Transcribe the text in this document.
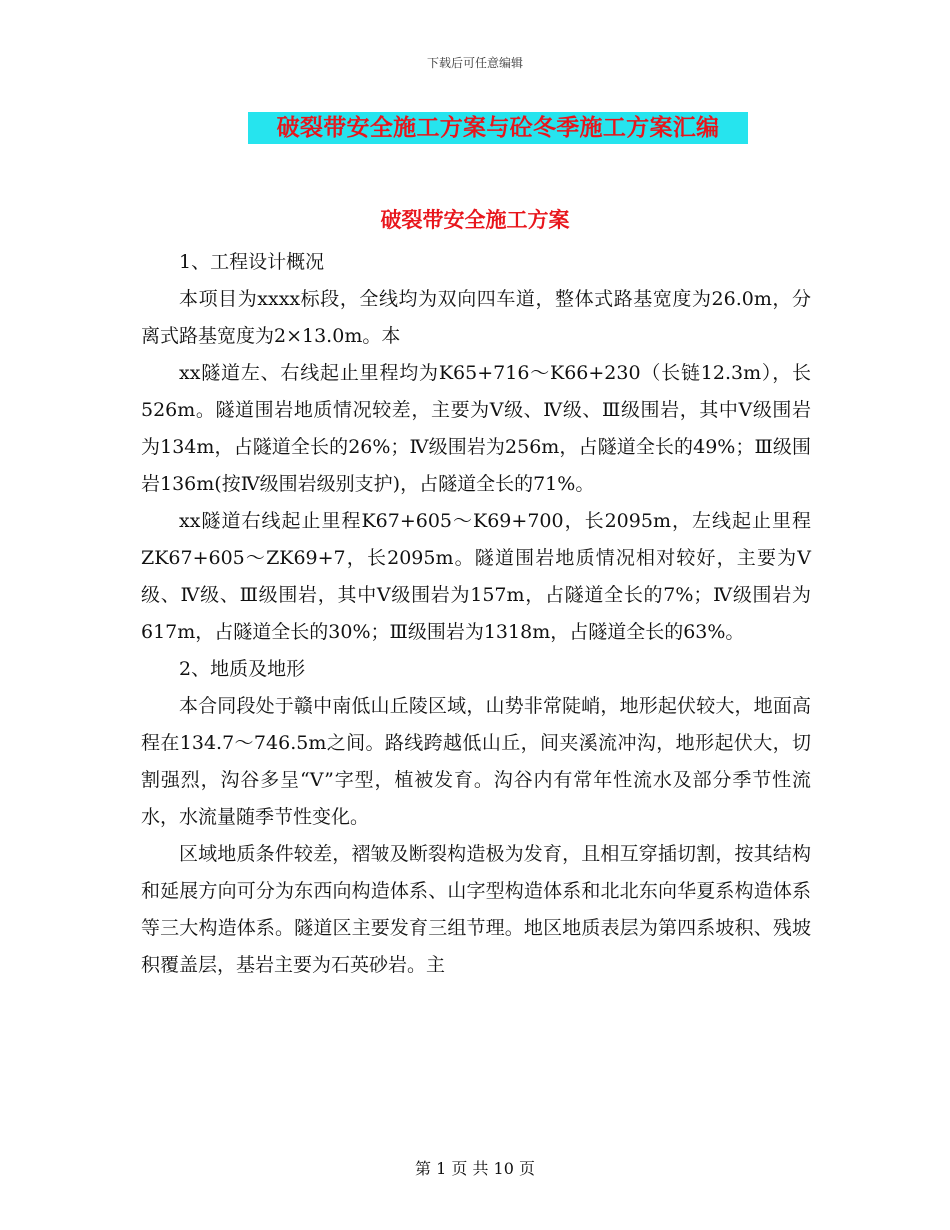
下载后可任意编辑
破裂带安全施工方案与砼冬季施工方案汇编
破裂带安全施工方案

1、工程设计概况

本项目为xxxx标段，全线均为双向四车道，整体式路基宽度为26.0m，分离式路基宽度为2×13.0m。本

xx隧道左、右线起止里程均为K65+716～K66+230（长链12.3m），长526m。隧道围岩地质情况较差，主要为Ⅴ级、Ⅳ级、Ⅲ级围岩，其中Ⅴ级围岩为134m，占隧道全长的26%；Ⅳ级围岩为256m，占隧道全长的49%；Ⅲ级围岩136m(按Ⅳ级围岩级别支护)，占隧道全长的71%。

xx隧道右线起止里程K67+605～K69+700，长2095m，左线起止里程ZK67+605～ZK69+7，长2095m。隧道围岩地质情况相对较好，主要为Ⅴ级、Ⅳ级、Ⅲ级围岩，其中Ⅴ级围岩为157m，占隧道全长的7%；Ⅳ级围岩为617m，占隧道全长的30%；Ⅲ级围岩为1318m，占隧道全长的63%。

2、地质及地形

本合同段处于赣中南低山丘陵区域，山势非常陡峭，地形起伏较大，地面高程在134.7～746.5m之间。路线跨越低山丘，间夹溪流冲沟，地形起伏大，切割强烈，沟谷多呈“V”字型，植被发育。沟谷内有常年性流水及部分季节性流水，水流量随季节性变化。

区域地质条件较差，褶皱及断裂构造极为发育，且相互穿插切割，按其结构和延展方向可分为东西向构造体系、山字型构造体系和北北东向华夏系构造体系等三大构造体系。隧道区主要发育三组节理。地区地质表层为第四系坡积、残坡积覆盖层，基岩主要为石英砂岩。主

第 1 页 共 10 页
